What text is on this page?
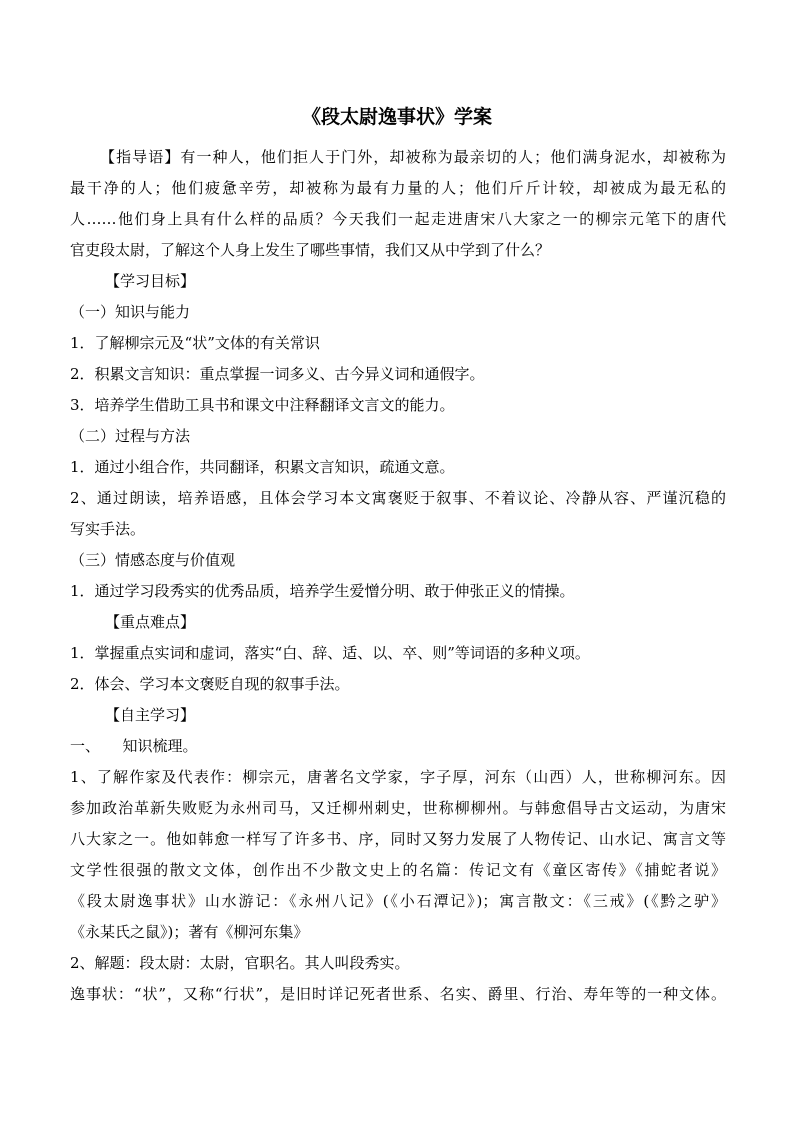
《段太尉逸事状》学案
【指导语】有一种人，他们拒人于门外，却被称为最亲切的人；他们满身泥水，却被称为
最干净的人；他们疲惫辛劳，却被称为最有力量的人；他们斤斤计较，却被成为最无私的
人……他们身上具有什么样的品质？今天我们一起走进唐宋八大家之一的柳宗元笔下的唐代
官吏段太尉，了解这个人身上发生了哪些事情，我们又从中学到了什么？
【学习目标】
（一）知识与能力
1．了解柳宗元及“状”文体的有关常识
2．积累文言知识：重点掌握一词多义、古今异义词和通假字。
3．培养学生借助工具书和课文中注释翻译文言文的能力。
（二）过程与方法
1．通过小组合作，共同翻译，积累文言知识，疏通文意。
2、通过朗读，培养语感，且体会学习本文寓褒贬于叙事、不着议论、冷静从容、严谨沉稳的
写实手法。
（三）情感态度与价值观
1．通过学习段秀实的优秀品质，培养学生爱憎分明、敢于伸张正义的情操。
【重点难点】
1．掌握重点实词和虚词，落实“白、辞、适、以、卒、则”等词语的多种义项。
2．体会、学习本文褒贬自现的叙事手法。
【自主学习】
一、　　知识梳理。
1、了解作家及代表作：柳宗元，唐著名文学家，字子厚，河东（山西）人，世称柳河东。因
参加政治革新失败贬为永州司马，又迁柳州刺史，世称柳柳州。与韩愈倡导古文运动，为唐宋
八大家之一。他如韩愈一样写了许多书、序，同时又努力发展了人物传记、山水记、寓言文等
文学性很强的散文文体，创作出不少散文史上的名篇：传记文有《童区寄传》《捕蛇者说》
《段太尉逸事状》山水游记：《永州八记》(《小石潭记》)；寓言散文：《三戒》(《黔之驴》
《永某氏之鼠》)；著有《柳河东集》
2、解题：段太尉：太尉，官职名。其人叫段秀实。
逸事状：“状”，又称“行状”，是旧时详记死者世系、名实、爵里、行治、寿年等的一种文体。
